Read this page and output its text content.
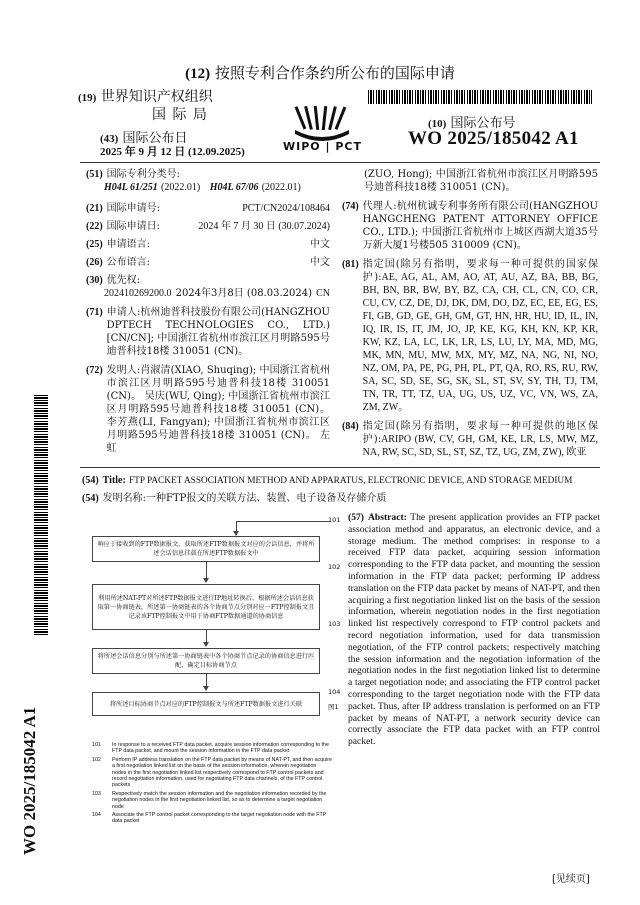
(12) 按照专利合作条约所公布的国际申请
(19) 世界知识产权组织
国 际 局
(43) 国际公布日
2025 年 9 月 12 日 (12.09.2025)	WIPO | PCT
(10) 国际公布号
WO 2025/185042 A1
(51) 国际专利分类号:
H04L 61/251 (2022.01) H04L 67/06 (2022.01)
(21) 国际申请号:	PCT/CN2024/108464
(22) 国际申请日:	2024 年 7 月 30 日 (30.07.2024)
(25) 申请语言:	中文
(26) 公布语言:	中文
(30) 优先权:
202410269200.0 2024年3月8日 (08.03.2024) CN
(71) 申请人:杭州迪普科技股份有限公司(HANGZHOU DPTECH TECHNOLOGIES CO., LTD.) [CN/CN]; 中国浙江省杭州市滨江区月明路595号迪普科技18楼 310051 (CN)。
(72) 发明人:肖淑清(XIAO, Shuqing); 中国浙江省杭州市滨江区月明路595号迪普科技18楼 310051 (CN)。 吴庆(WU, Qing); 中国浙江省杭州市滨江区月明路595号迪普科技18楼 310051 (CN)。 李芳燕(LI, Fangyan); 中国浙江省杭州市滨江区月明路595号迪普科技18楼 310051 (CN)。 左虹
(ZUO, Hong); 中国浙江省杭州市滨江区月明路595号迪普科技18楼 310051 (CN)。
(74) 代理人:杭州杭诚专利事务所有限公司(HANGZHOU HANGCHENG PATENT ATTORNEY OFFICE CO., LTD.); 中国浙江省杭州市上城区西湖大道35号万新大厦1号楼505 310009 (CN)。
(81) 指定国(除另有指明，要求每一种可提供的国家保护):AE, AG, AL, AM, AO, AT, AU, AZ, BA, BB, BG, BH, BN, BR, BW, BY, BZ, CA, CH, CL, CN, CO, CR, CU, CV, CZ, DE, DJ, DK, DM, DO, DZ, EC, EE, EG, ES, FI, GB, GD, GE, GH, GM, GT, HN, HR, HU, ID, IL, IN, IQ, IR, IS, IT, JM, JO, JP, KE, KG, KH, KN, KP, KR, KW, KZ, LA, LC, LK, LR, LS, LU, LY, MA, MD, MG, MK, MN, MU, MW, MX, MY, MZ, NA, NG, NI, NO, NZ, OM, PA, PE, PG, PH, PL, PT, QA, RO, RS, RU, RW, SA, SC, SD, SE, SG, SK, SL, ST, SV, SY, TH, TJ, TM, TN, TR, TT, TZ, UA, UG, US, UZ, VC, VN, WS, ZA, ZM, ZW。
(84) 指定国(除另有指明，要求每一种可提供的地区保护):ARIPO (BW, CV, GH, GM, KE, LR, LS, MW, MZ, NA, RW, SC, SD, SL, ST, SZ, TZ, UG, ZM, ZW), 欧亚
(54) Title: FTP PACKET ASSOCIATION METHOD AND APPARATUS, ELECTRONIC DEVICE, AND STORAGE MEDIUM
(54) 发明名称:一种FTP报文的关联方法、装置、电子设备及存储介质
101
响应于接收到的FTP数据报文，获取所述FTP数据报文对应的会话信息，并将所述会话信息挂载在所述FTP数据报文中
102
利用所述NAT-PT对所述FTP数据报文进行IP地址转换后，根据所述会话信息获取第一协商链表，所述第一协商链表的各个协商节点分别对应一FTP控制报文且记录该FTP控制报文中用于协商FTP数据通道的协商信息
103
将所述会话信息分别与所述第一协商链表中各个协商节点记录的协商信息进行匹配，确定目标协商节点
将所述目标协商节点对应的FTP控制报文与所述FTP数据报文进行关联
104
图1
101	In response to a received FTP data packet, acquire session information corresponding to the FTP data packet, and mount the session information in the FTP data packet
102	Perform IP address translation on the FTP data packet by means of NAT-PT, and then acquire a first negotiation linked list on the basis of the session information, wherein negotiation nodes in the first negotiation linked list respectively correspond to FTP control packets and record negotiation information, used for negotiating FTP data channels, of the FTP control packets
103	Respectively match the session information and the negotiation information recorded by the negotiation nodes in the first negotiation linked list, so as to determine a target negotiation node
104	Associate the FTP control packet corresponding to the target negotiation node with the FTP data packet
(57) Abstract: The present application provides an FTP packet association method and apparatus, an electronic device, and a storage medium. The method comprises: in response to a received FTP data packet, acquiring session information corresponding to the FTP data packet, and mounting the session information in the FTP data packet; performing IP address translation on the FTP data packet by means of NAT-PT, and then acquiring a first negotiation linked list on the basis of the session information, wherein negotiation nodes in the first negotiation linked list respectively correspond to FTP control packets and record negotiation information, used for data transmission negotiation, of the FTP control packets; respectively matching the session information and the negotiation information of the negotiation nodes in the first negotiation linked list to determine a target negotiation node; and associating the FTP control packet corresponding to the target negotiation node with the FTP data packet. Thus, after IP address translation is performed on an FTP packet by means of NAT-PT, a network security device can correctly associate the FTP data packet with an FTP control packet.
WO 2025/185042 A1
[见续页]
